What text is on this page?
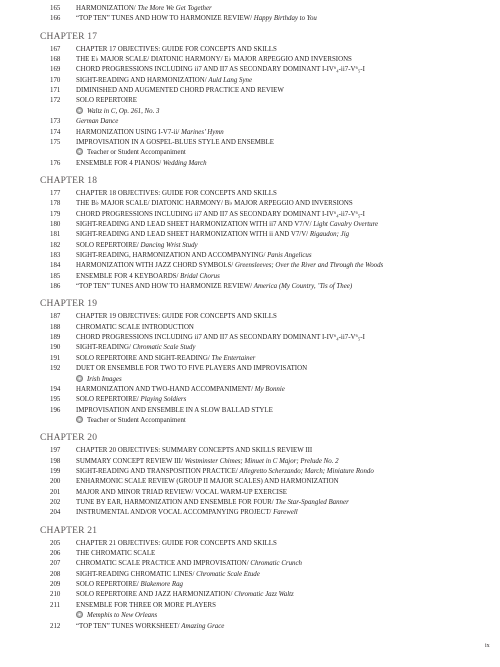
165 HARMONIZATION/ The More We Get Together
166 “TOP TEN” TUNES AND HOW TO HARMONIZE REVIEW/ Happy Birthday to You
CHAPTER 17
167 CHAPTER 17 OBJECTIVES: GUIDE FOR CONCEPTS AND SKILLS
168 THE E♭ MAJOR SCALE/ DIATONIC HARMONY/ E♭ MAJOR ARPEGGIO AND INVERSIONS
169 CHORD PROGRESSIONS INCLUDING ii7 AND II7 AS SECONDARY DOMINANT I-IV⁶₄-ii7-V⁶₅-I
170 SIGHT-READING AND HARMONIZATION/ Auld Lang Syne
171 DIMINISHED AND AUGMENTED CHORD PRACTICE AND REVIEW
172 SOLO REPERTOIRE
Waltz in C, Op. 261, No. 3
173 German Dance
174 HARMONIZATION USING I-V7-ii/ Marines’ Hymn
175 IMPROVISATION IN A GOSPEL-BLUES STYLE AND ENSEMBLE
Teacher or Student Accompaniment
176 ENSEMBLE FOR 4 PIANOS/ Wedding March
CHAPTER 18
177 CHAPTER 18 OBJECTIVES: GUIDE FOR CONCEPTS AND SKILLS
178 THE B♭ MAJOR SCALE/ DIATONIC HARMONY/ B♭ MAJOR ARPEGGIO AND INVERSIONS
179 CHORD PROGRESSIONS INCLUDING ii7 AND II7 AS SECONDARY DOMINANT I-IV⁶₄-ii7-V⁶₅-I
180 SIGHT-READING AND LEAD SHEET HARMONIZATION WITH ii7 AND V7/V/ Light Cavalry Overture
181 SIGHT-READING AND LEAD SHEET HARMONIZATION WITH ii AND V7/V/ Rigaudon; Jig
182 SOLO REPERTOIRE/ Dancing Wrist Study
183 SIGHT-READING, HARMONIZATION AND ACCOMPANYING/ Panis Angelicus
184 HARMONIZATION WITH JAZZ CHORD SYMBOLS/ Greensleeves; Over the River and Through the Woods
185 ENSEMBLE FOR 4 KEYBOARDS/ Bridal Chorus
186 “TOP TEN” TUNES AND HOW TO HARMONIZE REVIEW/ America (My Country, ’Tis of Thee)
CHAPTER 19
187 CHAPTER 19 OBJECTIVES: GUIDE FOR CONCEPTS AND SKILLS
188 CHROMATIC SCALE INTRODUCTION
189 CHORD PROGRESSIONS INCLUDING ii7 AND II7 AS SECONDARY DOMINANT I-IV⁶₄-ii7-V⁶₅-I
190 SIGHT-READING/ Chromatic Scale Study
191 SOLO REPERTOIRE AND SIGHT-READING/ The Entertainer
192 DUET OR ENSEMBLE FOR TWO TO FIVE PLAYERS AND IMPROVISATION
Irish Images
194 HARMONIZATION AND TWO-HAND ACCOMPANIMENT/ My Bonnie
195 SOLO REPERTOIRE/ Playing Soldiers
196 IMPROVISATION AND ENSEMBLE IN A SLOW BALLAD STYLE
Teacher or Student Accompaniment
CHAPTER 20
197 CHAPTER 20 OBJECTIVES: SUMMARY CONCEPTS AND SKILLS REVIEW III
198 SUMMARY CONCEPT REVIEW III/ Westminster Chimes; Minuet in C Major; Prelude No. 2
199 SIGHT-READING AND TRANSPOSITION PRACTICE/ Allegretto Scherzando; March; Miniature Rondo
200 ENHARMONIC SCALE REVIEW (GROUP II MAJOR SCALES) AND HARMONIZATION
201 MAJOR AND MINOR TRIAD REVIEW/ VOCAL WARM-UP EXERCISE
202 TUNE BY EAR, HARMONIZATION AND ENSEMBLE FOR FOUR/ The Star-Spangled Banner
204 INSTRUMENTAL AND/OR VOCAL ACCOMPANYING PROJECT/ Farewell
CHAPTER 21
205 CHAPTER 21 OBJECTIVES: GUIDE FOR CONCEPTS AND SKILLS
206 THE CHROMATIC SCALE
207 CHROMATIC SCALE PRACTICE AND IMPROVISATION/ Chromatic Crunch
208 SIGHT-READING CHROMATIC LINES/ Chromatic Scale Etude
209 SOLO REPERTOIRE/ Blakemore Rag
210 SOLO REPERTOIRE AND JAZZ HARMONIZATION/ Chromatic Jazz Waltz
211 ENSEMBLE FOR THREE OR MORE PLAYERS
Memphis to New Orleans
212 “TOP TEN” TUNES WORKSHEET/ Amazing Grace
ix
